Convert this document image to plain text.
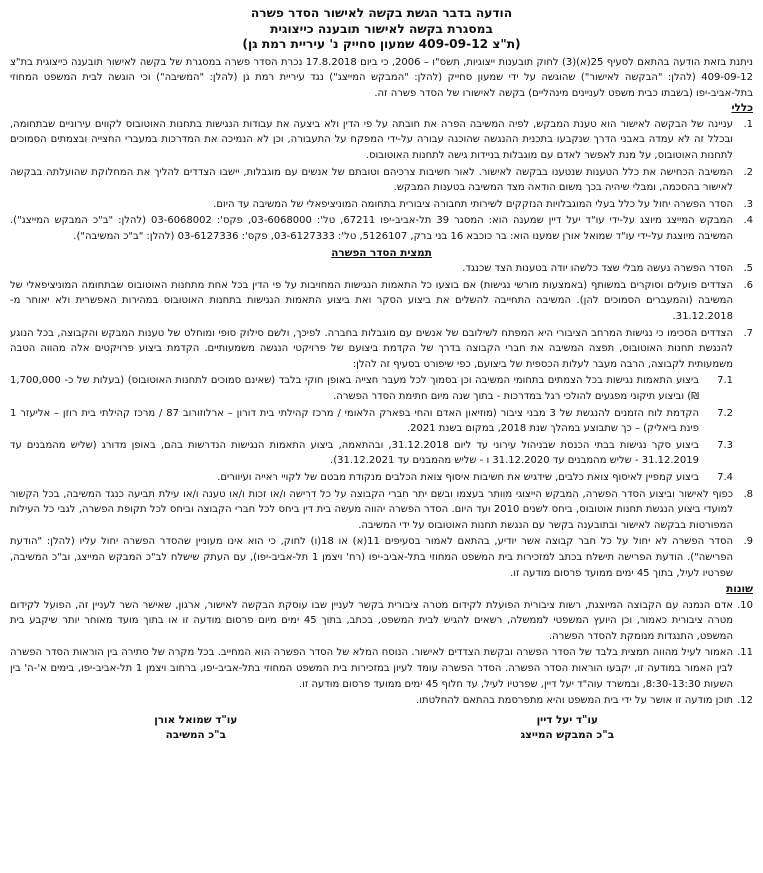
הודעה בדבר הגשת בקשה לאישור הסדר פשרה

במסגרת בקשה לאישור תובענה כייצוגית

(ת"צ 409-09-12 שמעון סחייק נ' עיריית רמת גן)

ניתנת בזאת הודעה בהתאם לסעיף 25(א)(3) לחוק תובענות ייצוגיות, תשס"ו – 2006, כי ביום 17.8.2018 נכרת הסדר פשרה במסגרת של בקשה לאישור תובענה כייצוגית בת"צ 409-09-12 (להלן: "הבקשה לאישור") שהוגשה על ידי שמעון סחייק (להלן: "המבקש המייצג") נגד עיריית רמת גן (להלן: "המשיבה") וכי הוגשה לבית המשפט המחוזי בתל-אביב-יפו (בשבתו כבית משפט לעניינים מינהליים) בקשה לאישורו של הסדר פשרה זה.

כללי

1.
עניינה של הבקשה לאישור הוא טענת המבקש, לפיה המשיבה הפרה את חובתה על פי הדין ולא ביצעה את עבודות הנגישות בתחנות האוטובוס לקווים עירוניים שבתחומה, ובכלל זה לא עמדה באבני הדרך שנקבעו בתכנית ההנגשה שהוכנה עבורה על-ידי המפקח על התעבורה, וכן לא הנמיכה את המדרכות במעברי החצייה ובצמתים הסמוכים לתחנות האוטובוס, על מנת לאפשר לאדם עם מוגבלות בניידות גישה לתחנות האוטובוס.
2.
המשיבה הכחישה את כלל הטענות שנטענו בבקשה לאישור. לאור חשיבות צרכיהם וטובתם של אנשים עם מוגבלות, יישבו הצדדים להליך את המחלוקת שהועלתה בבקשה לאישור בהסכמה, ומבלי שיהיה בכך משום הודאה מצד המשיבה בטענות המבקש.
3.
הסדר הפשרה יחול על כלל בעלי המוגבלויות הנזקקים לשירותי תחבורה ציבורית בתחומה המוניציפאלי של המשיבה עד היום.
4.
המבקש המייצג מיוצג על-ידי עו"ד יעל דיין שמענה הוא: המסגר 39 תל-אביב-יפו 67211, טל': 03-6068000, פקס': 03-6068002 (להלן: "ב"כ המבקש המייצג"). המשיבה מיוצגת על-ידי עו"ד שמואל אורן שמענו הוא: בר כוכבא 16 בני ברק, 5126107, טל': 03-6127333, פקס': 03-6127336 (להלן: "ב"כ המשיבה").

תמצית הסדר הפשרה

5.
הסדר הפשרה נעשה מבלי שצד כלשהו יודה בטענות הצד שכנגד.
6.
הצדדים פועלים וסוקרים במשותף (באמצעות מורשי נגישות) אם בוצעו כל התאמות הנגישות המחויבות על פי הדין בכל אחת מתחנות האוטובוס שבתחומה המוניציפאלי של המשיבה (והמעברים הסמוכים להן). המשיבה התחייבה להשלים את ביצוע הסקר ואת ביצוע התאמות הנגישות בתחנות האוטובוס במהירות האפשרית ולא יאוחר מ- 31.12.2018.
7.
הצדדים הסכימו כי נגישות המרחב הציבורי היא המפתח לשילובם של אנשים עם מוגבלות בחברה. לפיכך, ולשם סילוק סופי ומוחלט של טענות המבקש והקבוצה, בכל הנוגע להנגשת תחנות האוטובוס, תפצה המשיבה את חברי הקבוצה בדרך של הקדמת ביצועם של פרויקטי הנגשה משמעותיים. הקדמת ביצוע פרויקטים אלה מהווה הטבה משמעותית לקבוצה, הרבה מעבר לעלות הכספית של ביצועם, כפי שיפורט בסעיף זה להלן:
7.1
ביצוע התאמות נגישות בכל הצמתים בתחומי המשיבה וכן בסמוך לכל מעבר חצייה באופן חוקי בלבד (שאינם סמוכים לתחנות האוטובוס) (בעלות של כ- 1,700,000 ₪) וביצוע תיקוני מפגעים להולכי רגל במדרכות - בתוך שנה מיום חתימת הסדר הפשרה.
7.2
הקדמת לוח הזמנים להנגשת של 3 מבני ציבור (מוזיאון האדם והחי בפארק הלאומי / מרכז קהילתי בית דורון – ארלוזורוב 87 / מרכז קהילתי בית רוזן – אליעזר 1 פינת ביאליק) – כך שתבוצע במהלך שנת 2018, במקום בשנת 2021.
7.3
ביצוע סקר נגישות בבתי הכנסת שבניהול עירוני עד ליום 31.12.2018, ובהתאמה, ביצוע התאמות הנגישות הנדרשות בהם, באופן מדורג (שליש מהמבנים עד 31.12.2019 - שליש מהמבנים עד 31.12.2020 ו - שליש מהמבנים עד 31.12.2021).
7.4
ביצוע קמפיין לאיסוף צואת כלבים, שידגיש את חשיבות איסוף צואת הכלבים מנקודת מבטם של לקויי ראייה ועיוורים.
8.
כפוף לאישור וביצוע הסדר הפשרה, המבקש הייצוגי מוותר בעצמו ובשם יתר חברי הקבוצה על כל דרישה ו/או זכות ו/או טענה ו/או עילת תביעה כנגד המשיבה, בכל הקשור למועדי ביצוע הנגשת תחנות אוטובוס, ביחס לשנים 2010 ועד היום. הסדר הפשרה יהווה מעשה בית דין ביחס לכל חברי הקבוצה וביחס לכל תקופת הפשרה, לגבי כל העילות המפורטות בבקשה לאישור ובתובענה בקשר עם הנגשת תחנות האוטובוס על ידי המשיבה.
9.
הסדר הפשרה לא יחול על כל חבר קבוצה אשר יודיע, בהתאם לאמור בסעיפים 11(א) או 18(ו) לחוק, כי הוא אינו מעוניין שהסדר הפשרה יחול עליו (להלן: "הודעת הפרישה"). הודעת הפרישה תישלח בכתב למזכירות בית המשפט המחוזי בתל-אביב-יפו (רח' ויצמן 1 תל-אביב-יפו), עם העתק שישלח לב"כ המבקש המייצג, וב"כ המשיבה, שפרטיו לעיל, בתוך 45 ימים ממועד פרסום מודעה זו.

שונות

10.
אדם הנמנה עם הקבוצה המיוצגת, רשות ציבורית הפועלת לקידום מטרה ציבורית בקשר לעניין שבו עוסקת הבקשה לאישור, ארגון, שאישר השר לעניין זה, הפועל לקידום מטרה ציבורית כאמור, וכן היועץ המשפטי לממשלה, רשאים להגיש לבית המשפט, בכתב, בתוך 45 ימים מיום פרסום מודעה זו או בתוך מועד מאוחר יותר שיקבע בית המשפט, התנגדות מנומקת להסדר הפשרה.
11.
האמור לעיל מהווה תמצית בלבד של הסדר הפשרה ובקשת הצדדים לאישור. הנוסח המלא של הסדר הפשרה הוא המחייב. בכל מקרה של סתירה בין הוראות הסדר הפשרה לבין האמור במודעה זו, יקבעו הוראות הסדר הפשרה. הסדר הפשרה עומד לעיון במזכירות בית המשפט המחוזי בתל-אביב-יפו, ברחוב ויצמן 1 תל-אביב-יפו, בימים א'-ה' בין השעות 8:30-13:30, ובמשרד עוה"ד יעל דיין, שפרטיו לעיל, עד חלוף 45 ימים ממועד פרסום מודעה זו.
12.
תוכן מודעה זו אושר על ידי בית המשפט והיא מתפרסמת בהתאם להחלטתו.
עו"ד יעל דיין
ב"כ המבקש המייצג
עו"ד שמואל אורן
ב"כ המשיבה
